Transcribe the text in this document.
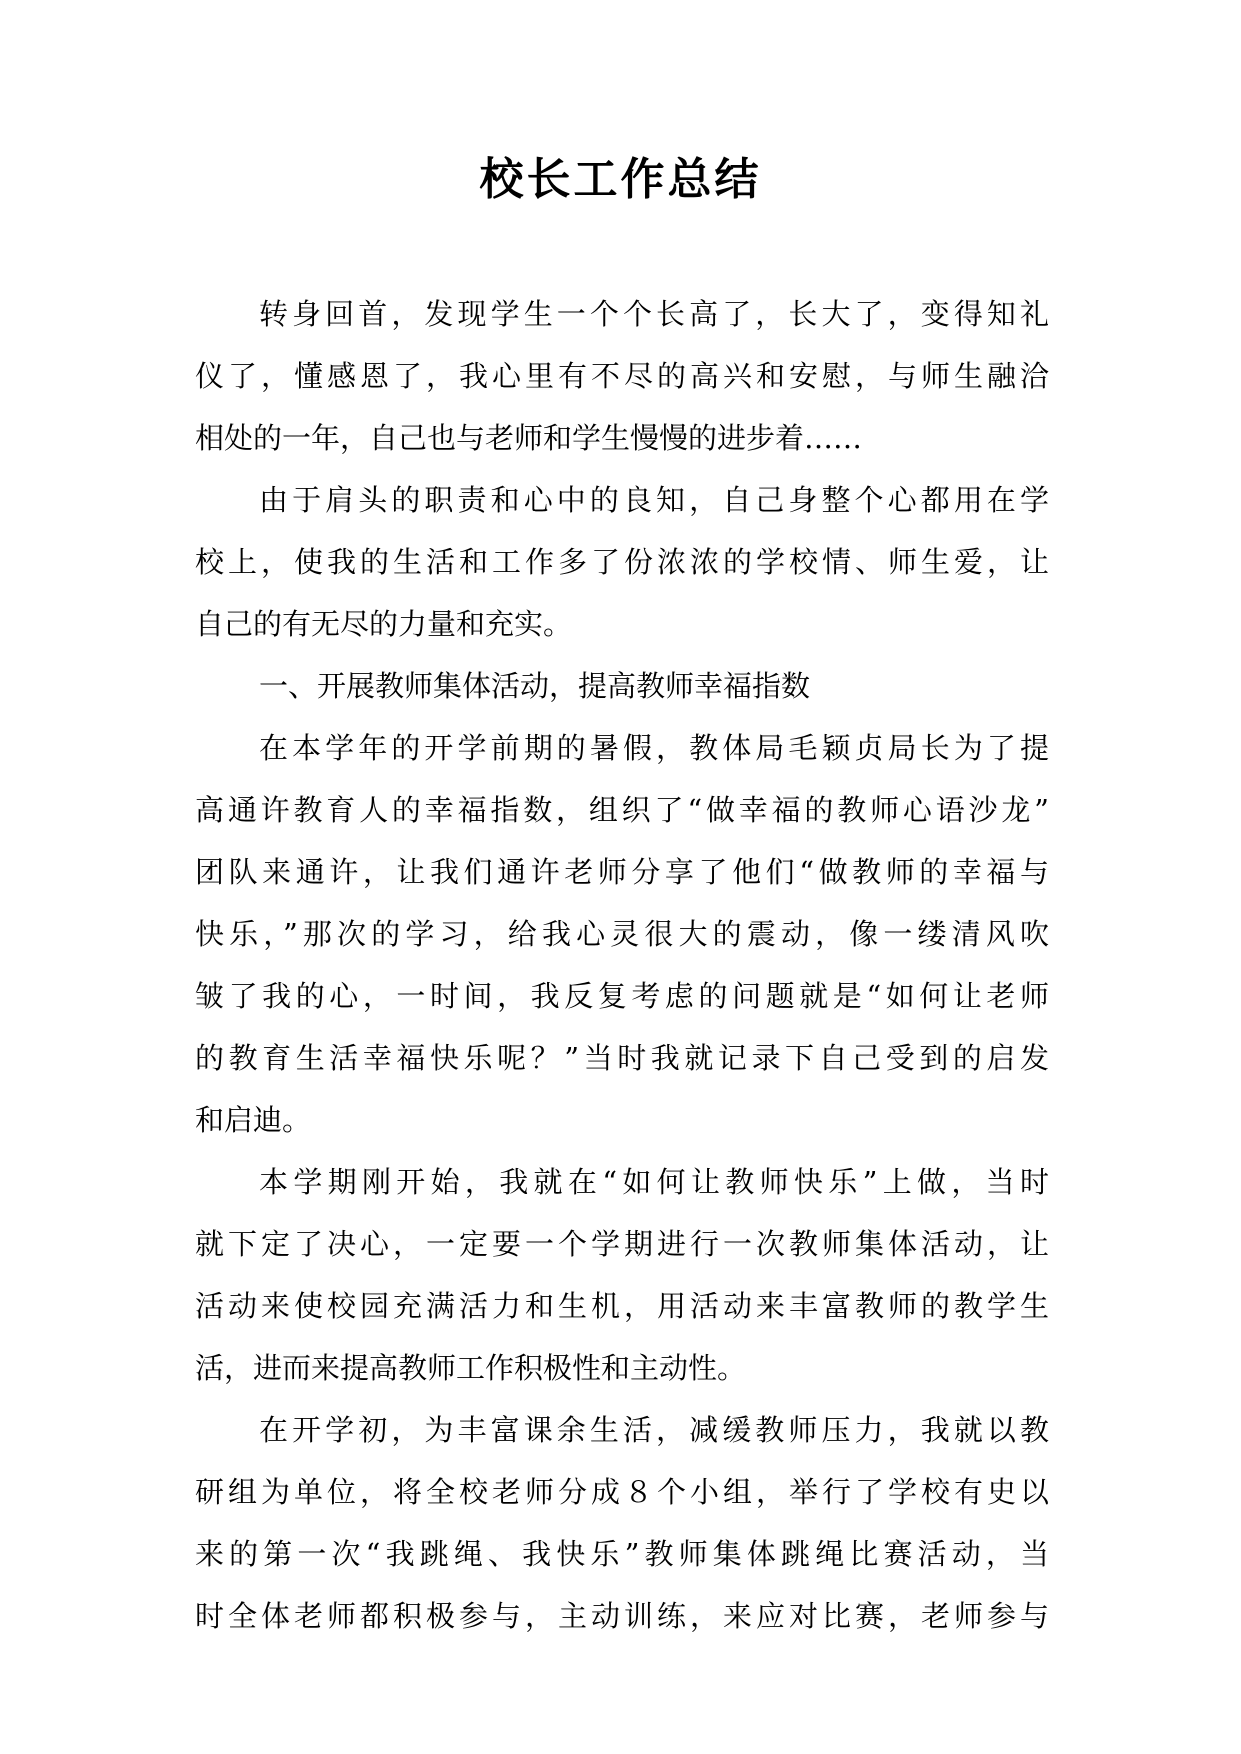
校长工作总结
转身回首，发现学生一个个长高了，长大了，变得知礼
仪了，懂感恩了，我心里有不尽的高兴和安慰，与师生融洽
相处的一年，自己也与老师和学生慢慢的进步着……
由于肩头的职责和心中的良知，自己身整个心都用在学
校上，使我的生活和工作多了份浓浓的学校情、师生爱，让
自己的有无尽的力量和充实。
一、开展教师集体活动，提高教师幸福指数
在本学年的开学前期的暑假，教体局毛颖贞局长为了提
高通许教育人的幸福指数，组织了“做幸福的教师心语沙龙”
团队来通许，让我们通许老师分享了他们“做教师的幸福与
快乐，”那次的学习，给我心灵很大的震动，像一缕清风吹
皱了我的心，一时间，我反复考虑的问题就是“如何让老师
的教育生活幸福快乐呢？”当时我就记录下自己受到的启发
和启迪。
本学期刚开始，我就在“如何让教师快乐”上做，当时
就下定了决心，一定要一个学期进行一次教师集体活动，让
活动来使校园充满活力和生机，用活动来丰富教师的教学生
活，进而来提高教师工作积极性和主动性。
在开学初，为丰富课余生活，减缓教师压力，我就以教
研组为单位，将全校老师分成８个小组，举行了学校有史以
来的第一次“我跳绳、我快乐”教师集体跳绳比赛活动，当
时全体老师都积极参与，主动训练，来应对比赛，老师参与
